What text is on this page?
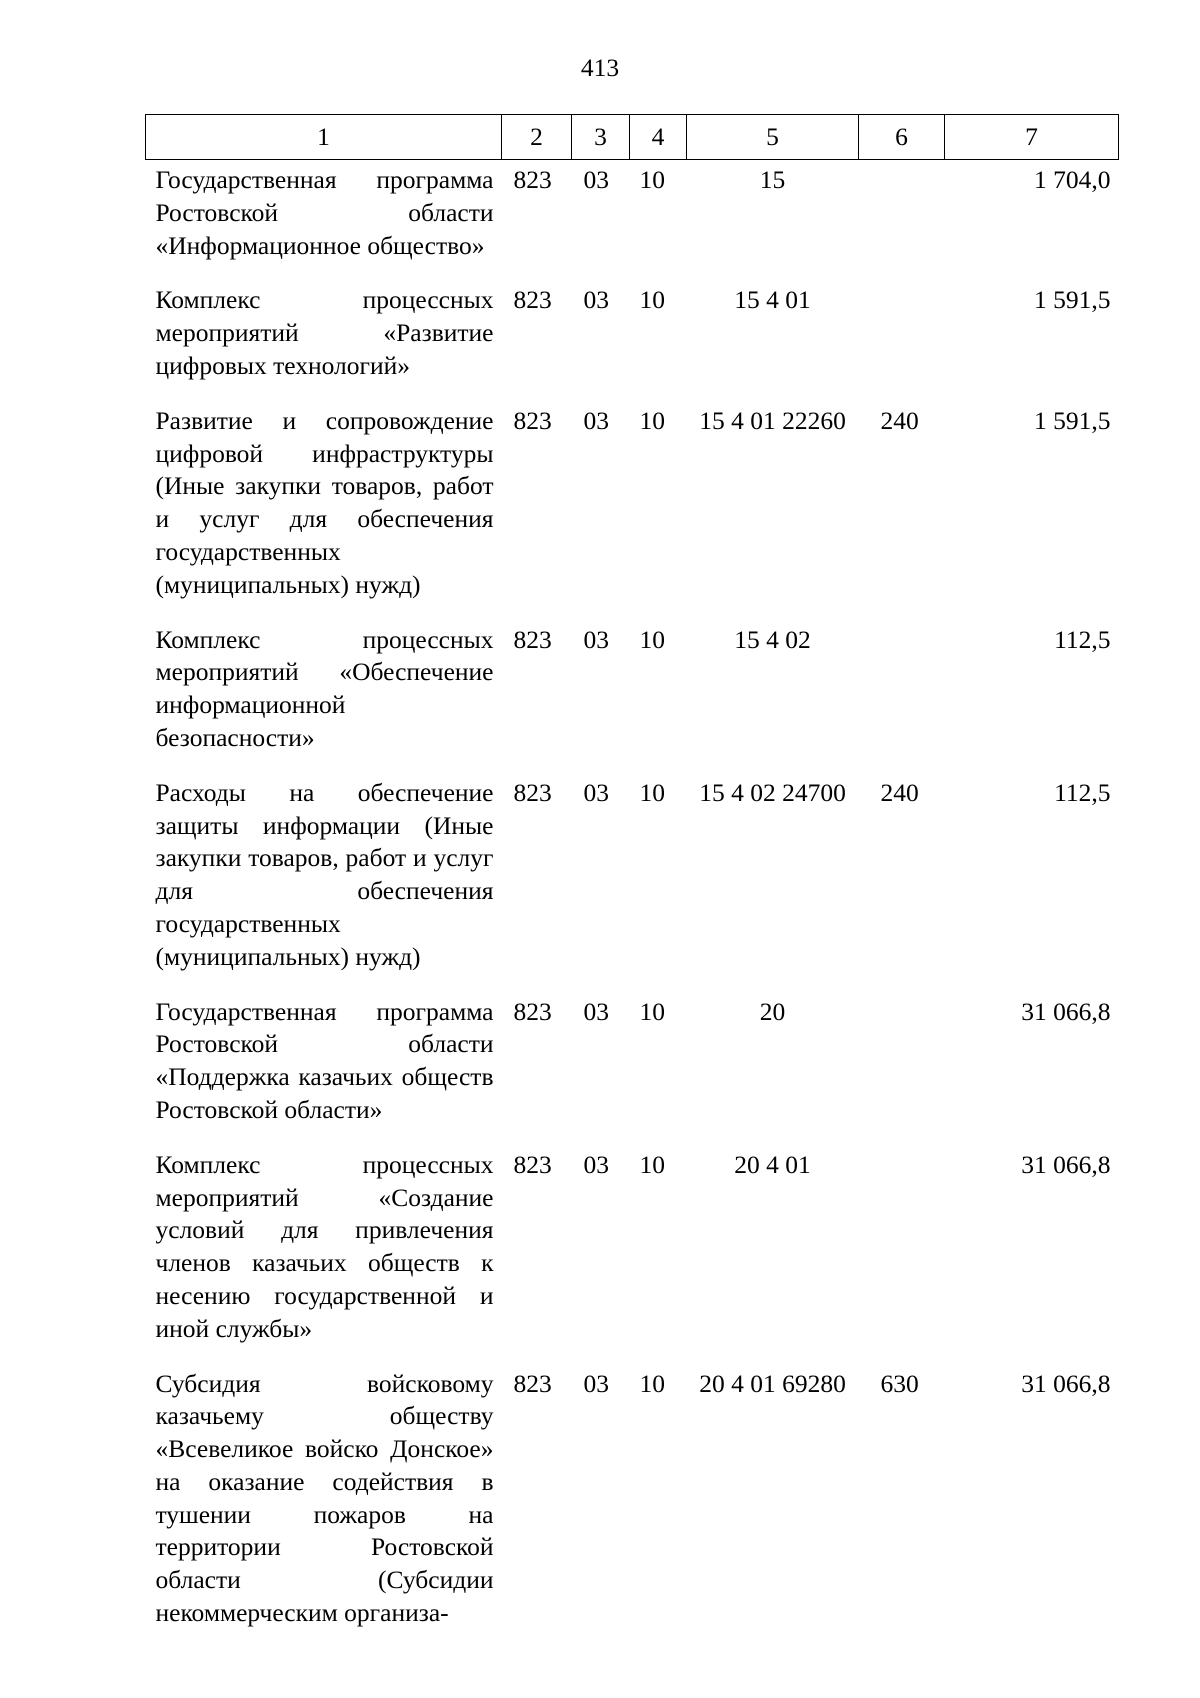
413
1	2	3	4	5	6	7
Государственная программа Ростовской области «Информационное общество»	823	03	10	15		1 704,0
Комплекс процессных мероприятий «Развитие цифровых технологий»	823	03	10	15 4 01		1 591,5
Развитие и сопровождение цифровой инфраструктуры (Иные закупки товаров, работ и услуг для обеспечения государственных (муниципальных) нужд)	823	03	10	15 4 01 22260	240	1 591,5
Комплекс процессных мероприятий «Обеспечение информационной безопасности»	823	03	10	15 4 02		112,5
Расходы на обеспечение защиты информации (Иные закупки товаров, работ и услуг для обеспечения государственных (муниципальных) нужд)	823	03	10	15 4 02 24700	240	112,5
Государственная программа Ростовской области «Поддержка казачьих обществ Ростовской области»	823	03	10	20		31 066,8
Комплекс процессных мероприятий «Создание условий для привлечения членов казачьих обществ к несению государственной и иной службы»	823	03	10	20 4 01		31 066,8
Субсидия войсковому казачьему обществу «Всевеликое войско Донское» на оказание содействия в тушении пожаров на территории Ростовской области (Субсидии некоммерческим организа-	823	03	10	20 4 01 69280	630	31 066,8
